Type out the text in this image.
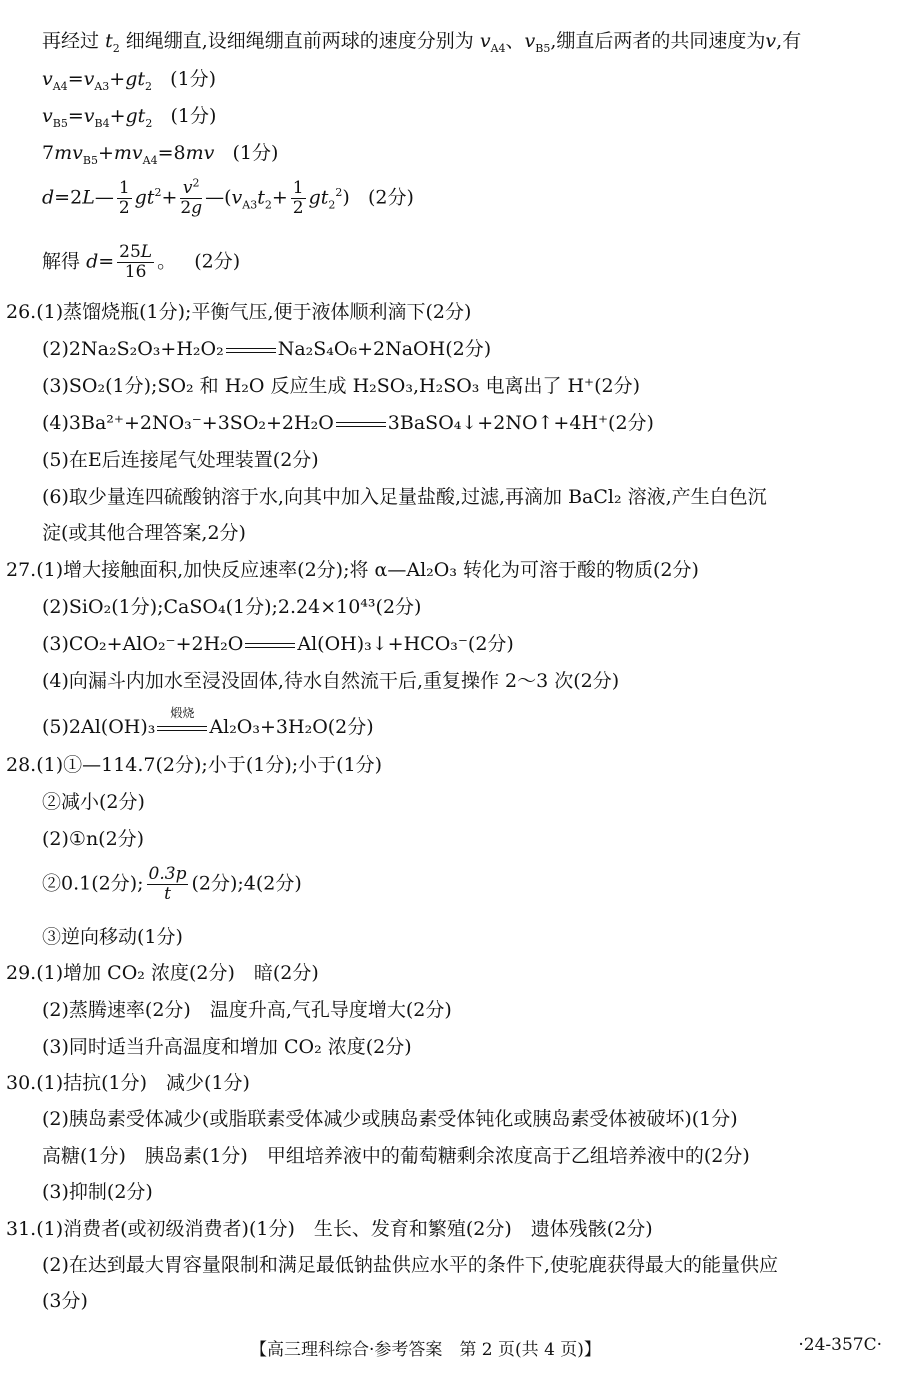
再经过 $t_2$ 细绳绷直,设细绳绷直前两球的速度分别为 $v_{A4}$、$v_{B5}$,绷直后两者的共同速度为v,有
$v_{A4}=v_{A3}+gt_2$ (1分)
$v_{B5}=v_{B4}+gt_2$ (1分)
$7mv_{B5}+mv_{A4}=8mv$ (1分)
d=2L— $\frac{1}{2} gt^2+ \frac{v^2}{2g}$ $—(v_{A3}t_2+ \frac{1}{2} gt_2^2)$   (2分)
解得 $d= \frac{25L}{16}$ 。   (2分)
26.(1)蒸馏烧瓶(1分);平衡气压,便于液体顺利滴下(2分)
(2)2Na₂S₂O₃+H₂O₂	Na₂S₄O₆+2NaOH(2分)
(3)SO₂(1分);SO₂ 和 H₂O 反应生成 H₂SO₃,H₂SO₃ 电离出了 H⁺(2分)
(4)3Ba²⁺+2NO₃⁻+3SO₂+2H₂O	3BaSO₄↓+2NO↑+4H⁺(2分)
(5)在E后连接尾气处理装置(2分)
(6)取少量连四硫酸钠溶于水,向其中加入足量盐酸,过滤,再滴加 BaCl₂ 溶液,产生白色沉
淀(或其他合理答案,2分)
27.(1)增大接触面积,加快反应速率(2分);将 α—Al₂O₃ 转化为可溶于酸的物质(2分)
(2)SiO₂(1分);CaSO₄(1分);2.24×10⁴³(2分)
(3)CO₂+AlO₂⁻+2H₂O	Al(OH)₃↓+HCO₃⁻(2分)
(4)向漏斗内加水至浸没固体,待水自然流干后,重复操作 2～3 次(2分)
(5)2Al(OH)₃
煅烧
Al₂O₃+3H₂O(2分)
28.(1)①—114.7(2分);小于(1分);小于(1分)
②减小(2分)
(2)①n(2分)
②0.1(2分); $\frac{0.3p}{t} (2$分);4(2分)
③逆向移动(1分)
29.(1)增加 CO₂ 浓度(2分)　暗(2分)
(2)蒸腾速率(2分)　温度升高,气孔导度增大(2分)
(3)同时适当升高温度和增加 CO₂ 浓度(2分)
30.(1)拮抗(1分)　减少(1分)
(2)胰岛素受体减少(或脂联素受体减少或胰岛素受体钝化或胰岛素受体被破坏)(1分)
高糖(1分)　胰岛素(1分)　甲组培养液中的葡萄糖剩余浓度高于乙组培养液中的(2分)
(3)抑制(2分)
31.(1)消费者(或初级消费者)(1分)　生长、发育和繁殖(2分)　遗体残骸(2分)
(2)在达到最大胃容量限制和满足最低钠盐供应水平的条件下,使驼鹿获得最大的能量供应
(3分)
【高三理科综合·参考答案　第 2 页(共 4 页)】	·24-357C·
